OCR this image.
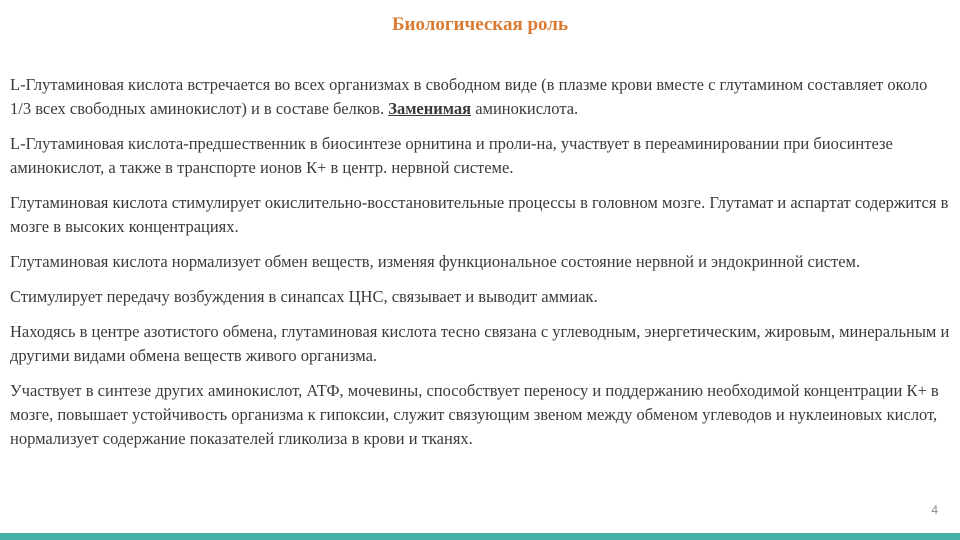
Биологическая роль

L-Глутаминовая кислота встречается во всех организмах в свободном виде (в плазме крови вместе с глутамином составляет около 1/3 всех свободных аминокислот) и в составе белков. Заменимая аминокислота.

L-Глутаминовая кислота-предшественник в биосинтезе орнитина и проли-на, участвует в переаминировании при биосинтезе аминокислот, а также в транспорте ионов К+ в центр. нервной системе.

Глутаминовая кислота стимулирует окислительно-восстановительные процессы в головном мозге. Глутамат и аспартат содержится в мозге в высоких концентрациях.

Глутаминовая кислота нормализует обмен веществ, изменяя функциональное состояние нервной и эндокринной систем.

Стимулирует передачу возбуждения в синапсах ЦНС, связывает и выводит аммиак.

Находясь в центре азотистого обмена, глутаминовая кислота тесно связана с углеводным, энергетическим, жировым, минеральным и другими видами обмена веществ живого организма.

Участвует в синтезе других аминокислот, АТФ, мочевины, способствует переносу и поддержанию необходимой концентрации К+ в мозге, повышает устойчивость организма к гипоксии, служит связующим звеном между обменом углеводов и нуклеиновых кислот, нормализует содержание показателей гликолиза в крови и тканях.

4
